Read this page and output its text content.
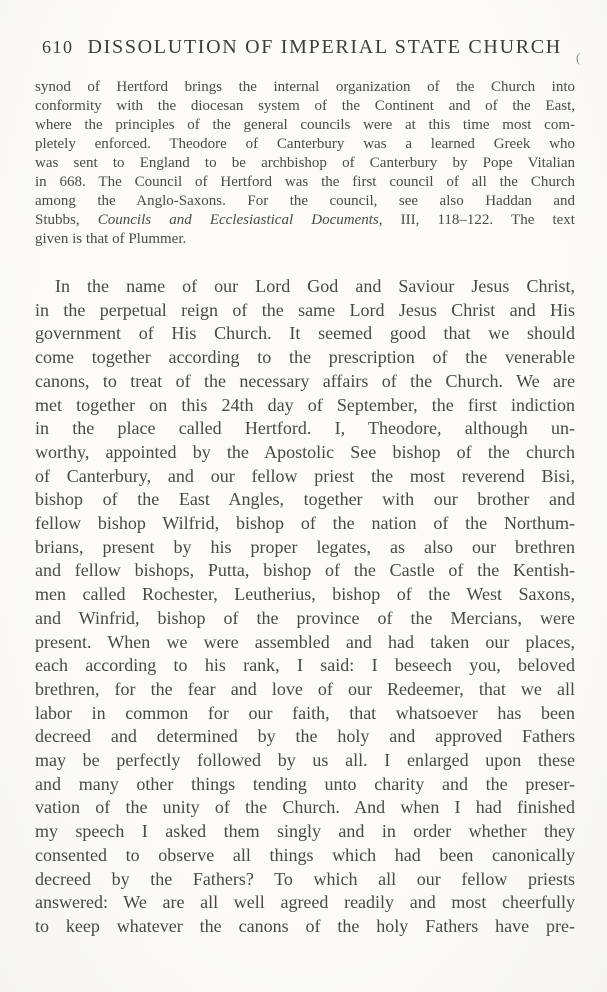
610 DISSOLUTION OF IMPERIAL STATE CHURCH (
synod of Hertford brings the internal organization of the Church into
conformity with the diocesan system of the Continent and of the East,
where the principles of the general councils were at this time most com-
pletely enforced. Theodore of Canterbury was a learned Greek who
was sent to England to be archbishop of Canterbury by Pope Vitalian
in 668. The Council of Hertford was the first council of all the Church
among the Anglo-Saxons. For the council, see also Haddan and
Stubbs, Councils and Ecclesiastical Documents, III, 118–122. The text
given is that of Plummer.
In the name of our Lord God and Saviour Jesus Christ,
in the perpetual reign of the same Lord Jesus Christ and His
government of His Church. It seemed good that we should
come together according to the prescription of the venerable
canons, to treat of the necessary affairs of the Church. We are
met together on this 24th day of September, the first indiction
in the place called Hertford. I, Theodore, although un-
worthy, appointed by the Apostolic See bishop of the church
of Canterbury, and our fellow priest the most reverend Bisi,
bishop of the East Angles, together with our brother and
fellow bishop Wilfrid, bishop of the nation of the Northum-
brians, present by his proper legates, as also our brethren
and fellow bishops, Putta, bishop of the Castle of the Kentish-
men called Rochester, Leutherius, bishop of the West Saxons,
and Winfrid, bishop of the province of the Mercians, were
present. When we were assembled and had taken our places,
each according to his rank, I said: I beseech you, beloved
brethren, for the fear and love of our Redeemer, that we all
labor in common for our faith, that whatsoever has been
decreed and determined by the holy and approved Fathers
may be perfectly followed by us all. I enlarged upon these
and many other things tending unto charity and the preser-
vation of the unity of the Church. And when I had finished
my speech I asked them singly and in order whether they
consented to observe all things which had been canonically
decreed by the Fathers? To which all our fellow priests
answered: We are all well agreed readily and most cheerfully
to keep whatever the canons of the holy Fathers have pre-
